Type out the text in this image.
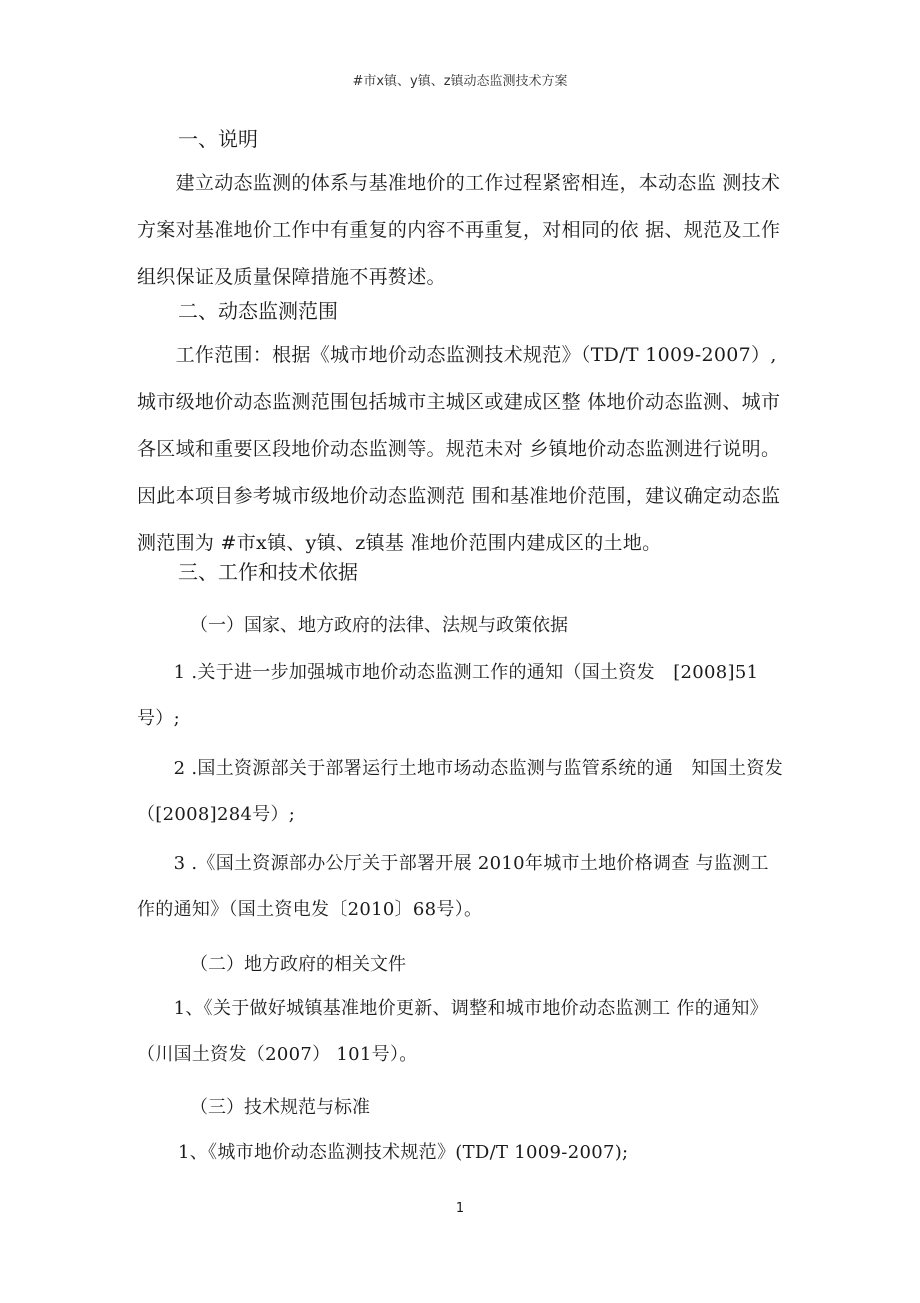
#市x镇、y镇、z镇动态监测技术方案
一、说明
　　建立动态监测的体系与基准地价的工作过程紧密相连，本动态监 测技术方案对基准地价工作中有重复的内容不再重复，对相同的依 据、规范及工作组织保证及质量保障措施不再赘述。
二、动态监测范围
　　工作范围：根据《城市地价动态监测技术规范》（TD/T 1009-2007）,城市级地价动态监测范围包括城市主城区或建成区整 体地价动态监测、城市各区域和重要区段地价动态监测等。规范未对 乡镇地价动态监测进行说明。因此本项目参考城市级地价动态监测范 围和基准地价范围，建议确定动态监测范围为 #市x镇、y镇、z镇基 准地价范围内建成区的土地。
三、工作和技术依据
（一）国家、地方政府的法律、法规与政策依据
　　1 .关于进一步加强城市地价动态监测工作的通知（国土资发　[2008]51号）;
　　2 .国土资源部关于部署运行土地市场动态监测与监管系统的通　知国土资发（[2008]284号）;
　　3 .《国土资源部办公厅关于部署开展 2010年城市土地价格调查 与监测工作的通知》（国土资电发〔2010〕68号）。
（二）地方政府的相关文件
　　1、《关于做好城镇基准地价更新、调整和城市地价动态监测工 作的通知》（川国土资发（2007） 101号）。
（三）技术规范与标准
1、《城市地价动态监测技术规范》(TD/T 1009-2007);
1
